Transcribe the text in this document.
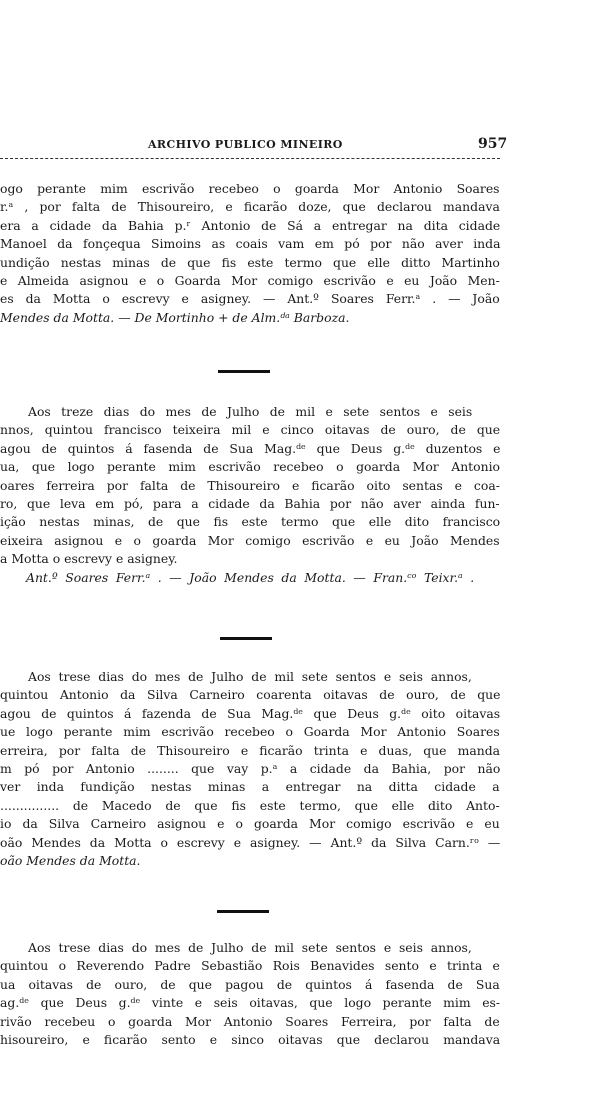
ARCHIVO PUBLICO MINEIRO	957
ogo perante mim escrivão recebeo o goarda Mor Antonio Soares
r.ᵃ , por falta de Thisoureiro, e ficarão doze, que declarou mandava
era a cidade da Bahia p.ʳ Antonio de Sá a entregar na dita cidade
Manoel da fonçequa Simoins as coais vam em pó por não aver inda
undição nestas minas de que fis este termo que elle ditto Martinho
e Almeida asignou e o Goarda Mor comigo escrivão e eu João Men-
es da Motta o escrevy e asigney. — Ant.º Soares Ferr.ᵃ . — João
Mendes da Motta. — De Mortinho + de Alm.ᵈᵃ Barboza.
Aos treze dias do mes de Julho de mil e sete sentos e seis
nnos, quintou francisco teixeira mil e cinco oitavas de ouro, de que
agou de quintos á fasenda de Sua Mag.ᵈᵉ que Deus g.ᵈᵉ duzentos e
ua, que logo perante mim escrivão recebeo o goarda Mor Antonio
oares ferreira por falta de Thisoureiro e ficarão oito sentas e coa-
ro, que leva em pó, para a cidade da Bahia por não aver ainda fun-
ição nestas minas, de que fis este termo que elle dito francisco
eixeira asignou e o goarda Mor comigo escrivão e eu João Mendes
a Motta o escrevy e asigney.
Ant.º Soares Ferr.ᵃ . — João Mendes da Motta. — Fran.ᶜᵒ Teixr.ᵃ .
Aos trese dias do mes de Julho de mil sete sentos e seis annos,
quintou Antonio da Silva Carneiro coarenta oitavas de ouro, de que
agou de quintos á fazenda de Sua Mag.ᵈᵉ que Deus g.ᵈᵉ oito oitavas
ue logo perante mim escrivão recebeo o Goarda Mor Antonio Soares
erreira, por falta de Thisoureiro e ficarão trinta e duas, que manda
m pó por Antonio ........ que vay p.ᵃ a cidade da Bahia, por não
ver inda fundição nestas minas a entregar na ditta cidade a
............... de Macedo de que fis este termo, que elle dito Anto-
io da Silva Carneiro asignou e o goarda Mor comigo escrivão e eu
oão Mendes da Motta o escrevy e asigney. — Ant.º da Silva Carn.ʳᵒ —
oão Mendes da Motta.
Aos trese dias do mes de Julho de mil sete sentos e seis annos,
quintou o Reverendo Padre Sebastião Rois Benavides sento e trinta e
ua oitavas de ouro, de que pagou de quintos á fasenda de Sua
ag.ᵈᵉ que Deus g.ᵈᵉ vinte e seis oitavas, que logo perante mim es-
rivão recebeu o goarda Mor Antonio Soares Ferreira, por falta de
hisoureiro, e ficarão sento e sinco oitavas que declarou mandava
